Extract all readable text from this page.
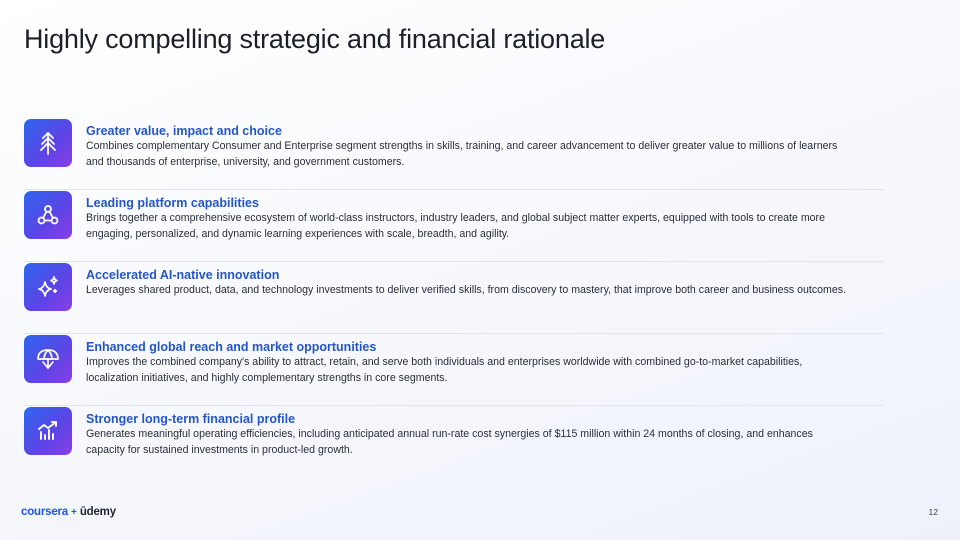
Highly compelling strategic and financial rationale
Greater value, impact and choice
Combines complementary Consumer and Enterprise segment strengths in skills, training, and career advancement to deliver greater value to millions of learners and thousands of enterprise, university, and government customers.
Leading platform capabilities
Brings together a comprehensive ecosystem of world-class instructors, industry leaders, and global subject matter experts, equipped with tools to create more engaging, personalized, and dynamic learning experiences with scale, breadth, and agility.
Accelerated AI-native innovation
Leverages shared product, data, and technology investments to deliver verified skills, from discovery to mastery, that improve both career and business outcomes.
Enhanced global reach and market opportunities
Improves the combined company's ability to attract, retain, and serve both individuals and enterprises worldwide with combined go-to-market capabilities, localization initiatives, and highly complementary strengths in core segments.
Stronger long-term financial profile
Generates meaningful operating efficiencies, including anticipated annual run-rate cost synergies of $115 million within 24 months of closing, and enhances capacity for sustained investments in product-led growth.
coursera + ūdemy	12
